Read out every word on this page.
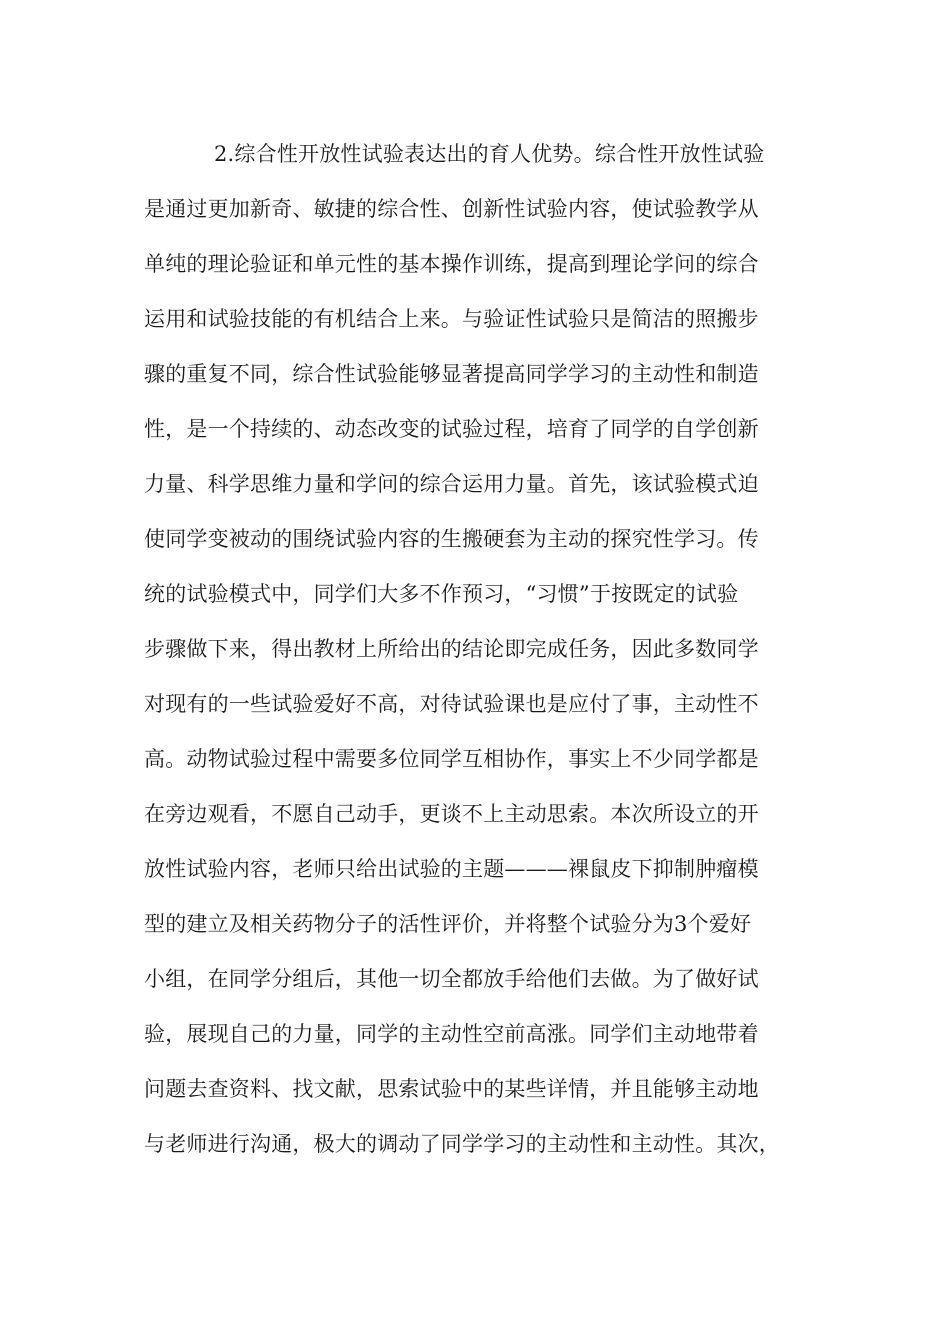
2.综合性开放性试验表达出的育人优势。综合性开放性试验
是通过更加新奇、敏捷的综合性、创新性试验内容，使试验教学从
单纯的理论验证和单元性的基本操作训练，提高到理论学问的综合
运用和试验技能的有机结合上来。与验证性试验只是简洁的照搬步
骤的重复不同，综合性试验能够显著提高同学学习的主动性和制造
性，是一个持续的、动态改变的试验过程，培育了同学的自学创新
力量、科学思维力量和学问的综合运用力量。首先，该试验模式迫
使同学变被动的围绕试验内容的生搬硬套为主动的探究性学习。传
统的试验模式中，同学们大多不作预习，“习惯”于按既定的试验
步骤做下来，得出教材上所给出的结论即完成任务，因此多数同学
对现有的一些试验爱好不高，对待试验课也是应付了事，主动性不
高。动物试验过程中需要多位同学互相协作，事实上不少同学都是
在旁边观看，不愿自己动手，更谈不上主动思索。本次所设立的开
放性试验内容，老师只给出试验的主题———裸鼠皮下抑制肿瘤模
型的建立及相关药物分子的活性评价，并将整个试验分为3个爱好
小组，在同学分组后，其他一切全都放手给他们去做。为了做好试
验，展现自己的力量，同学的主动性空前高涨。同学们主动地带着
问题去查资料、找文献，思索试验中的某些详情，并且能够主动地
与老师进行沟通，极大的调动了同学学习的主动性和主动性。其次，
